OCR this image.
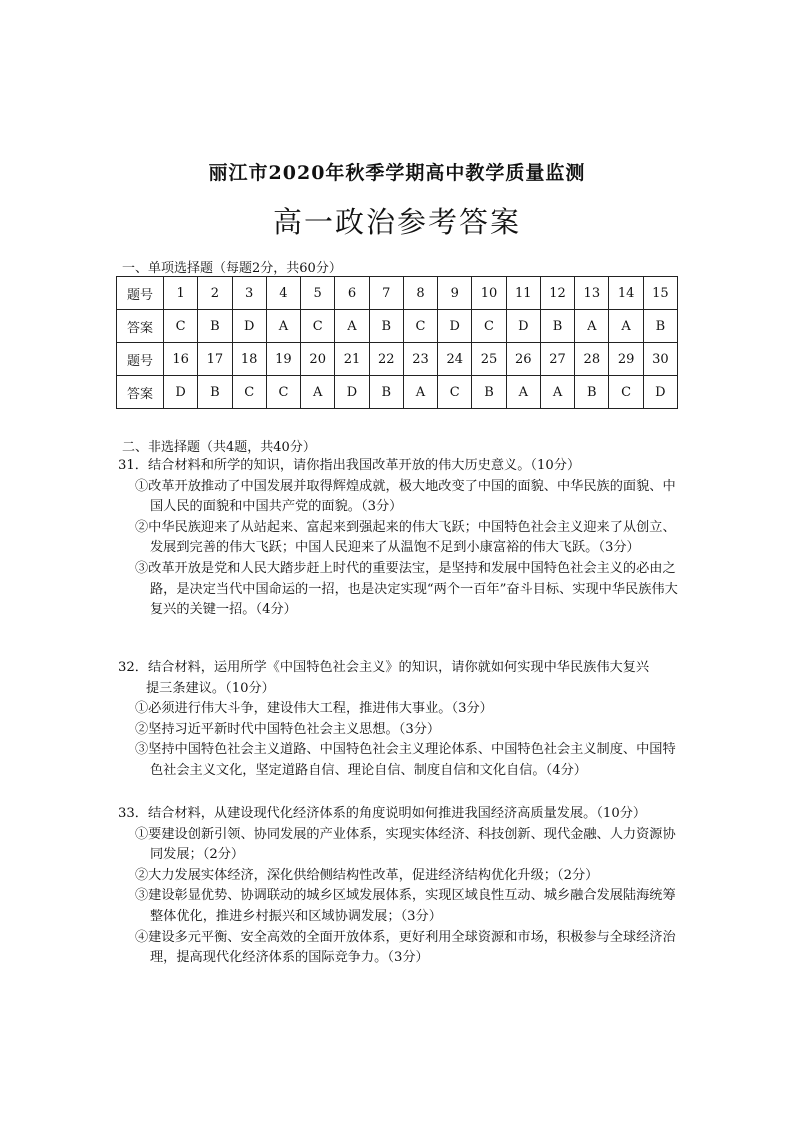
丽江市2020年秋季学期高中教学质量监测
高一政治参考答案
一、单项选择题（每题2分，共60分）
题号	1	2	3	4	5	6	7	8	9	10	11	12	13	14	15
答案	C	B	D	A	C	A	B	C	D	C	D	B	A	A	B
题号	16	17	18	19	20	21	22	23	24	25	26	27	28	29	30
答案	D	B	C	C	A	D	B	A	C	B	A	A	B	C	D
二、非选择题（共4题，共40分）

31．结合材料和所学的知识，请你指出我国改革开放的伟大历史意义。（10分）

①改革开放推动了中国发展并取得辉煌成就，极大地改变了中国的面貌、中华民族的面貌、中国人民的面貌和中国共产党的面貌。（3分）

②中华民族迎来了从站起来、富起来到强起来的伟大飞跃；中国特色社会主义迎来了从创立、发展到完善的伟大飞跃；中国人民迎来了从温饱不足到小康富裕的伟大飞跃。（3分）

③改革开放是党和人民大踏步赶上时代的重要法宝，是坚持和发展中国特色社会主义的必由之路，是决定当代中国命运的一招，也是决定实现“两个一百年”奋斗目标、实现中华民族伟大复兴的关键一招。（4分）

32．结合材料，运用所学《中国特色社会主义》的知识，请你就如何实现中华民族伟大复兴

提三条建议。（10分）

①必须进行伟大斗争，建设伟大工程，推进伟大事业。（3分）

②坚持习近平新时代中国特色社会主义思想。（3分）

③坚持中国特色社会主义道路、中国特色社会主义理论体系、中国特色社会主义制度、中国特色社会主义文化，坚定道路自信、理论自信、制度自信和文化自信。（4分）

33．结合材料，从建设现代化经济体系的角度说明如何推进我国经济高质量发展。（10分）

①要建设创新引领、协同发展的产业体系，实现实体经济、科技创新、现代金融、人力资源协同发展；（2分）

②大力发展实体经济，深化供给侧结构性改革，促进经济结构优化升级；（2分）

③建设彰显优势、协调联动的城乡区域发展体系，实现区域良性互动、城乡融合发展陆海统筹整体优化，推进乡村振兴和区域协调发展；（3分）

④建设多元平衡、安全高效的全面开放体系，更好利用全球资源和市场，积极参与全球经济治理，提高现代化经济体系的国际竞争力。（3分）
